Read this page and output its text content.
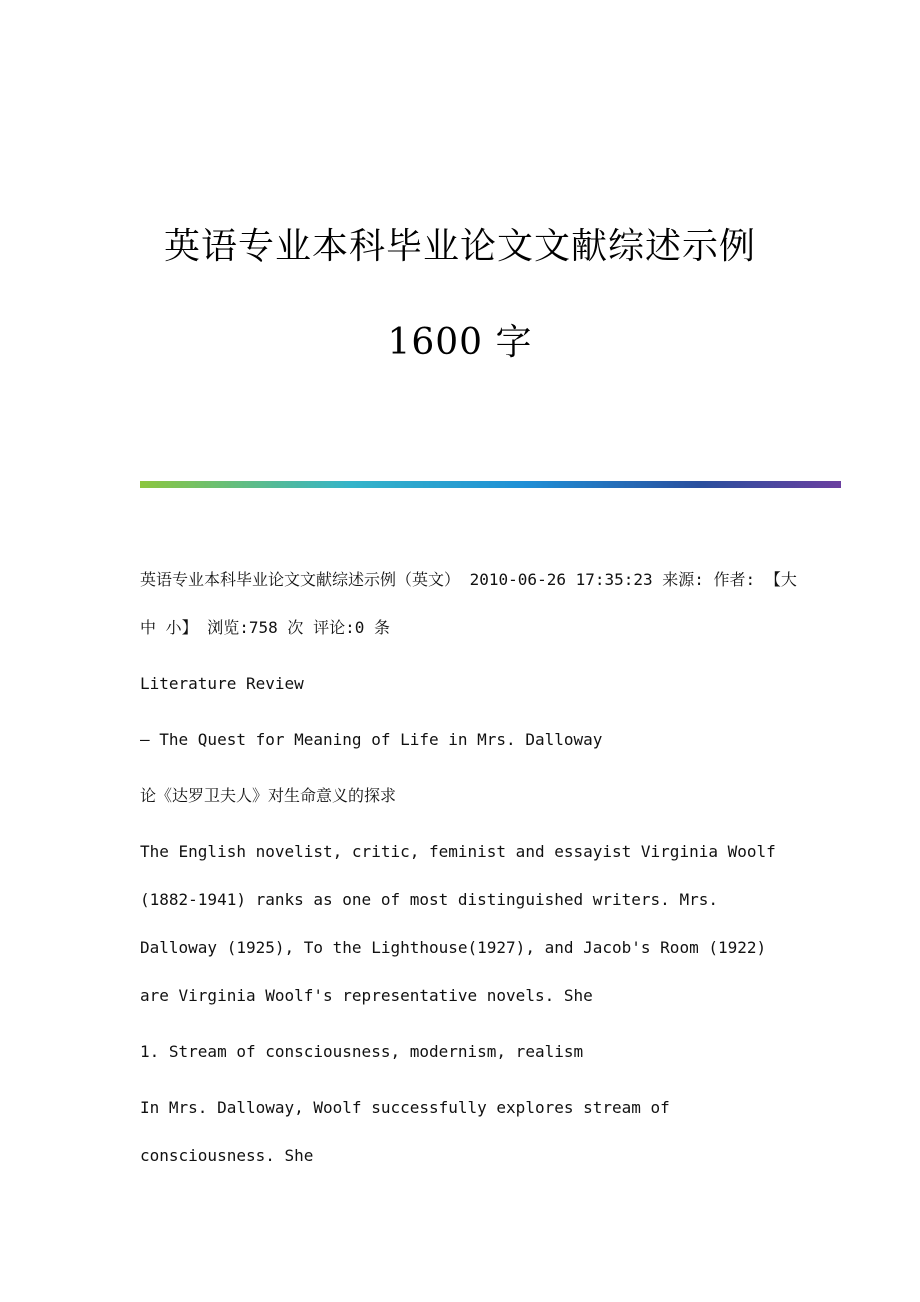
英语专业本科毕业论文文献综述示例
1600 字

英语专业本科毕业论文文献综述示例（英文） 2010-06-26 17:35:23 来源: 作者: 【大 中 小】 浏览:758 次 评论:0 条

Literature Review

— The Quest for Meaning of Life in Mrs. Dalloway

论《达罗卫夫人》对生命意义的探求

The English novelist, critic, feminist and essayist Virginia Woolf (1882-1941) ranks as one of most distinguished writers. Mrs. Dalloway (1925), To the Lighthouse(1927), and Jacob's Room (1922) are Virginia Woolf's representative novels. She

1. Stream of consciousness, modernism, realism

In Mrs. Dalloway, Woolf successfully explores stream of consciousness. She
